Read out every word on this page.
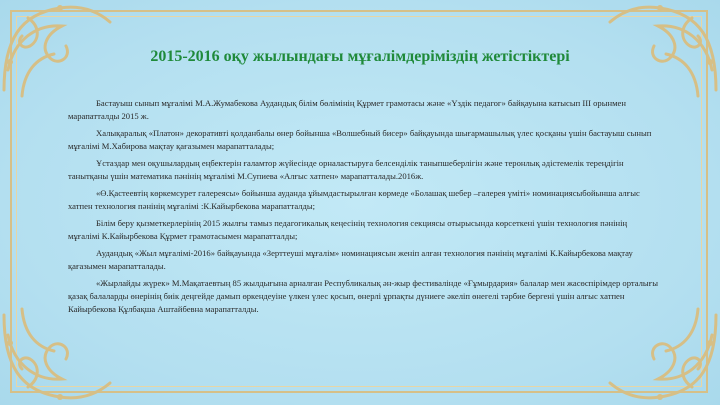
2015-2016 оқу жылындағы мұғалімдеріміздің жетістіктері

Бастауыш сынып мұғалімі М.А.Жумабекова Аудандық білім бөлімінің Құрмет грамотасы және «Үздік педагог» байқауына катысып ІІІ орынмен марапатталды 2015 ж.

Халықаралық «Платон» декоративті қолданбалы өнер бойынша «Волшебный бисер» байқауында шығармашылық үлес қосқаны үшін бастауыш сынып мұғалімі М.Хабирова мақтау қағазымен марапатталады;

Ұстаздар мен оқушылардың еңбектерін ғаламтор жүйесінде орналастыруға белсенділік таныпшеберлігін және теронлық әдістемелік тереңдігін танытқаны үшін математика пәнінің мұғалімі М.Супиева «Алғыс хатпен» марапатталады.2016ж.

«Ө.Қастеевтің көркемсурет галереясы» бойынша ауданда ұйымдастырылған көрмеде «Болашақ шебер –галерея үміті» номинациясыбойынша алғыс хатпен технология пәнінің мұғалімі :К.Кайырбекова марапатталды;

Білім беру қызметкерлерінің 2015 жылғы тамыз педагогикалық кеңесінің технология секциясы отырысында көрсеткені үшін технология пәнінің мұғалімі К.Кайырбекова Құрмет грамотасымен марапатталды;

Аудандық «Жыл мұғалімі-2016» байқауында «Зерттеуші мұғалім» номинациясын женіп алған технология пәнінің мұғалімі К.Кайырбекова мақтау қағазымен марапатталады.

«Жырлайды жүрек» М.Мақатаевтың 85 жылдығына арналған Республикалық ән-жыр фестивалінде «Ғұмырдария» балалар мен жасөспірімдер орталығы қазақ балаларды өнерінің биік деңгейде дамып өркендеуіне үлкен үлес қосып, өнерлі ұрпақты дүниеге әкеліп өнегелі тәрбие бергені үшін алғыс хатпен Кайырбекова Құлбақша Аштайбевна марапатталды.
